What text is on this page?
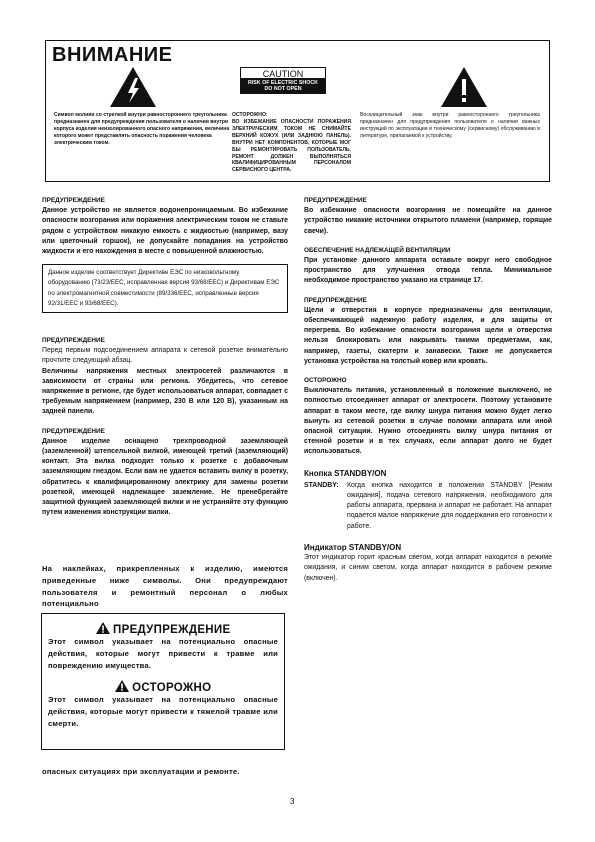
ВНИМАНИЕ
CAUTION
RISK OF ELECTRIC SHOCK
DO NOT OPEN
Символ молнии со стрелкой внутри равностороннего треугольника предназначен для предупреждения пользователя о наличии внутри корпуса изделия неизолированного опасного напряжения, величина которого может представлять опасность поражения человека электрическим током.
ОСТОРОЖНО:
ВО ИЗБЕЖАНИЕ ОПАСНОСТИ ПОРАЖЕНИЯ ЭЛЕКТРИЧЕСКИМ ТОКОМ НЕ СНИМАЙТЕ ВЕРХНИЙ КОЖУХ (ИЛИ ЗАДНЮЮ ПАНЕЛЬ). ВНУТРИ НЕТ КОМПОНЕНТОВ, КОТОРЫЕ МОГ БЫ РЕМОНТИРОВАТЬ ПОЛЬЗОВАТЕЛЬ. РЕМОНТ ДОЛЖЕН ВЫПОЛНЯТЬСЯ КВАЛИФИЦИРОВАННЫМ ПЕРСОНАЛОМ СЕРВИСНОГО ЦЕНТРА.
Восклицательный знак внутри равностороннего треугольника предназначен для предупреждения пользователя о наличии важных инструкций по эксплуатации и техническому (сервисному) обслуживанию в литературе, прилагаемой к устройству.
ПРЕДУПРЕЖДЕНИЕ

Данное устройство не является водонепроницаемым. Во избежание опасности возгорания или поражения электрическим током не ставьте рядом с устройством никакую емкость с жидкостью (например, вазу или цветочный горшок), не допускайте попадания на устройство жидкости и его нахождения в месте с повышенной влажностью.

Данное изделие соответствует Директиве ЕЭС по низковольтному оборудованию (73/23/EEC, исправленная версия 93/68/EEC) и Директивам ЕЭС по электромагнитной совместимости (89/336/EEC, исправленные версия 92/31/EEC и 93/68/EEC).
ПРЕДУПРЕЖДЕНИЕ

Перед первым подсоединением аппарата к сетевой розетке внимательно прочтите следующий абзац.

Величины напряжения местных электросетей различаются в зависимости от страны или региона. Убедитесь, что сетевое напряжение в регионе, где будет использоваться аппарат, совпадает с требуемым напряжением (например, 230 В или 120 В), указанным на задней панели.

ПРЕДУПРЕЖДЕНИЕ

Данное изделие оснащено трехпроводной заземляющей (заземленной) штепсельной вилкой, имеющей третий (заземляющий) контакт. Эта вилка подходит только к розетке с добавочным заземляющим гнездом. Если вам не удается вставить вилку в розетку, обратитесь к квалифицированному электрику для замены розетки розеткой, имеющей надлежащее заземление. Не пренебрегайте защитной функцией заземляющей вилки и не устраняйте эту функцию путем изменения конструкции вилки.

На наклейках, прикрепленных к изделию, имеются приведенные ниже символы. Они предупреждают пользователя и ремонтный персонал о любых потенциально
ПРЕДУПРЕЖДЕНИЕ
Этот символ указывает на потенциально опасные действия, которые могут привести к травме или повреждению имущества.
ОСТОРОЖНО
Этот символ указывает на потенциально опасные действия, которые могут привести к тяжелой травме или смерти.
опасных ситуациях при эксплуатации и ремонте.
ПРЕДУПРЕЖДЕНИЕ

Во избежание опасности возгорания не помещайте на данное устройство никакие источники открытого пламени (например, горящие свечи).

ОБЕСПЕЧЕНИЕ НАДЛЕЖАЩЕЙ ВЕНТИЛЯЦИИ

При установке данного аппарата оставьте вокруг него свободное пространство для улучшения отвода тепла. Минимальное необходимое пространство указано на странице 17.

ПРЕДУПРЕЖДЕНИЕ

Щели и отверстия в корпусе предназначены для вентиляции, обеспечивающей надежную работу изделия, и для защиты от перегрева. Во избежание опасности возгорания щели и отверстия нельзя блокировать или накрывать такими предметами, как, например, газеты, скатерти и занавески. Также не допускается установка устройства на толстый ковер или кровать.

ОСТОРОЖНО

Выключатель питания, установленный в положение выключено, не полностью отсоединяет аппарат от электросети. Поэтому установите аппарат в таком месте, где вилку шнура питания можно будет легко вынуть из сетевой розетки в случае поломки аппарата или иной опасной ситуации. Нужно отсоединять вилку шнура питания от стенной розетки и в тех случаях, если аппарат долго не будет использоваться.

Кнопка STANDBY/ON
STANDBY:	Когда кнопка находится в положении STANDBY [Режим ожидания], подача сетевого напряжения, необходимого для работы аппарата, прервана и аппарат не работает. На аппарат подается малое напряжение для поддержания его готовности к работе.

Индикатор STANDBY/ON

Этот индикатор горит красным светом, когда аппарат находится в режиме ожидания, и синим светом, когда аппарат находится в рабочем режиме (включен).

3
